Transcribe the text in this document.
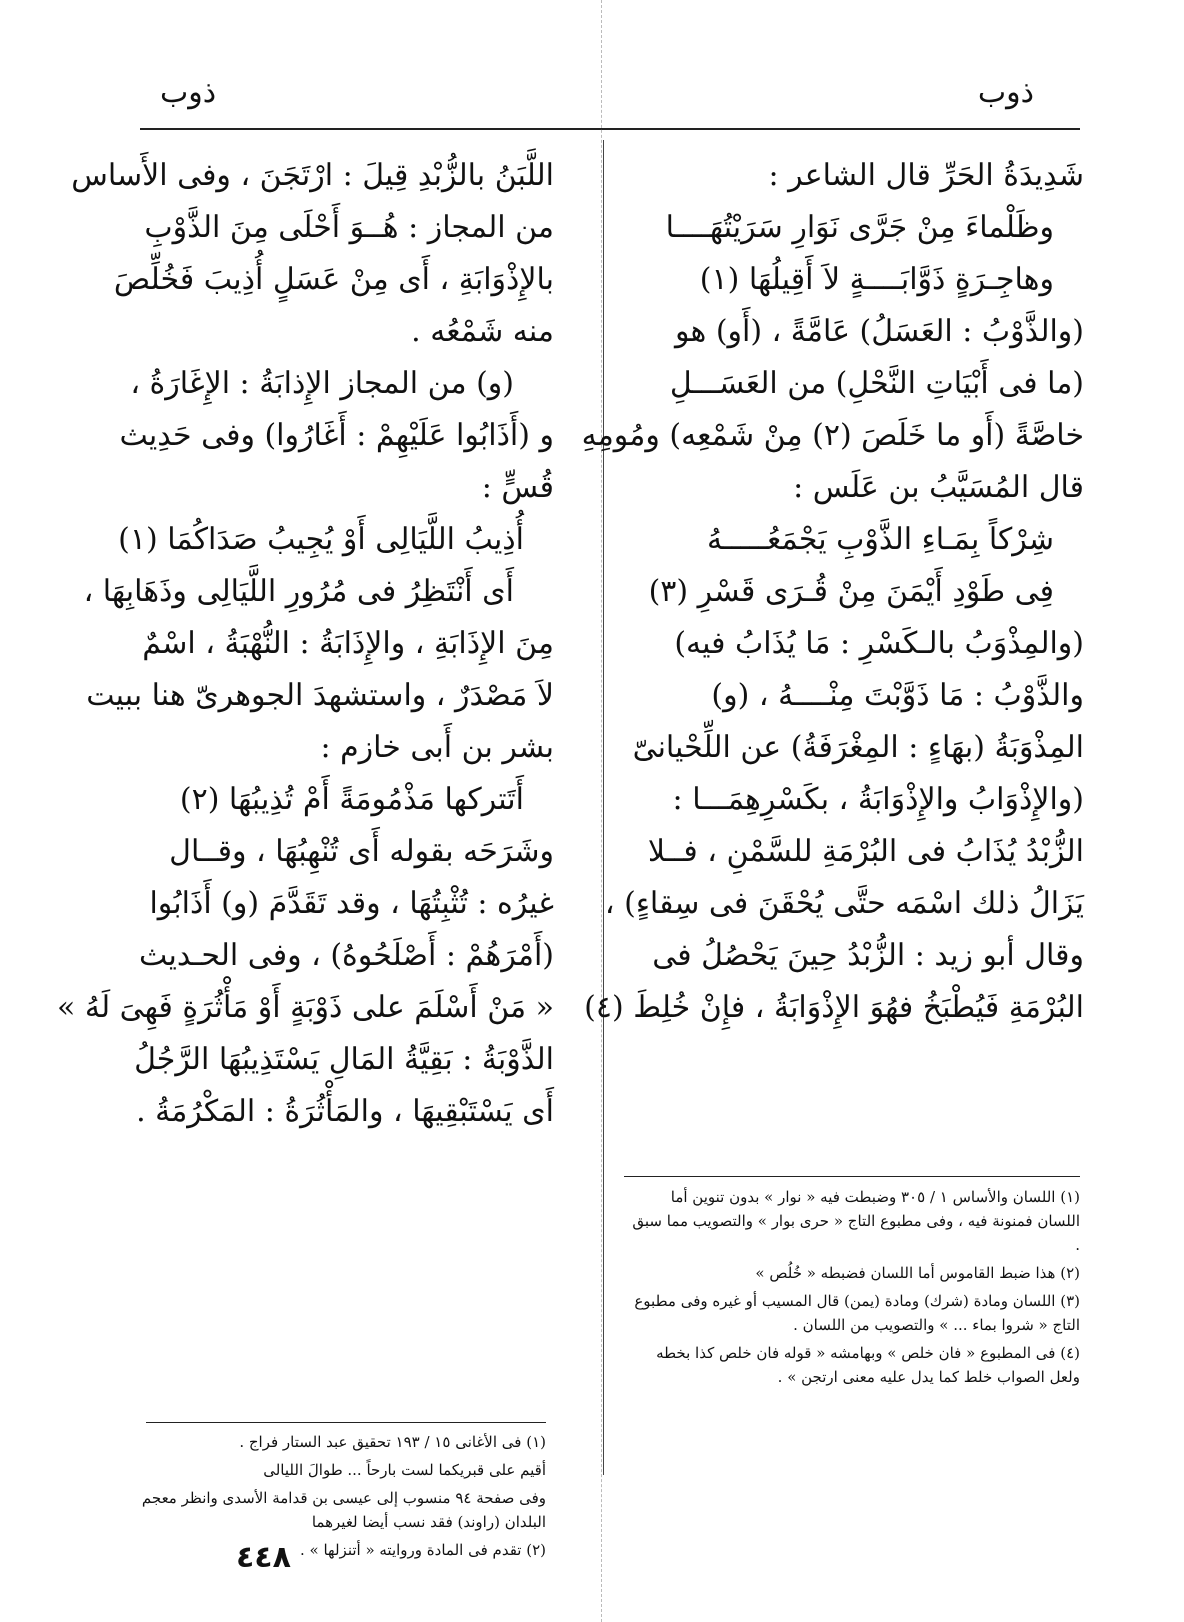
ذوب
ذوب
شَدِيدَةُ الحَرِّ قال الشاعر :
وظَلْماءَ مِنْ جَرَّى نَوَارِ سَرَيْتُهَــــا
وهاجِـرَةٍ ذَوَّابَــــةٍ لاَ أَقِيلُهَا (١)
(والذَّوْبُ : العَسَلُ) عَامَّةً ، (أَو) هو
(ما فى أَبْيَاتِ النَّحْلِ) من العَسَـــلِ
خاصَّةً (أَو ما خَلَصَ (٢) مِنْ شَمْعِه) ومُومِهِ
قال المُسَيَّبُ بن عَلَس :
شِرْكاً بِمَـاءِ الذَّوْبِ يَجْمَعُـــــهُ
فِى طَوْدِ أَيْمَنَ مِنْ قُـرَى قَسْرِ (٣)
(والمِذْوَبُ بالـكَسْرِ : مَا يُذَابُ فيه)
والذَّوْبُ : مَا ذَوَّبْتَ مِنْــــهُ ، (و)
المِذْوَبَةُ (بهَاءٍ : المِغْرَفَةُ) عن اللِّحْيانىّ
(والإِذْوَابُ والإِذْوَابَةُ ، بكَسْرِهِمَـــا :
الزُّبْدُ يُذَابُ فى البُرْمَةِ للسَّمْنِ ، فــلا
يَزَالُ ذلك اسْمَه حتَّى يُحْقَنَ فى سِقاءٍ) ،
وقال أبو زيد : الزُّبْدُ حِينَ يَحْصُلُ فى
البُرْمَةِ فَيُطْبَخُ فهُوَ الإِذْوَابَةُ ، فإِنْ خُلِطَ (٤)
اللَّبَنُ بالزُّبْدِ قِيلَ : ارْتَجَنَ ، وفى الأَساس
من المجاز : هُــوَ أَحْلَى مِنَ الذَّوْبِ
بالإِذْوَابَةِ ، أَى مِنْ عَسَلٍ أُذِيبَ فَخُلِّصَ
منه شَمْعُه .
(و) من المجاز الإِذابَةُ : الإِغَارَةُ ،
و (أَذَابُوا عَلَيْهِمْ : أَغَارُوا) وفى حَدِيث
قُسٍّ :
أُذِيبُ اللَّيَالِى أَوْ يُجِيبُ صَدَاكُمَا (١)
أَى أَنْتَظِرُ فى مُرُورِ اللَّيَالِى وذَهَابِهَا ،
مِنَ الإِذَابَةِ ، والإِذَابَةُ : النُّهْبَةُ ، اسْمٌ
لاَ مَصْدَرٌ ، واستشهدَ الجوهرىّ هنا ببيت
بشر بن أَبى خازم :
أَتَتركها مَذْمُومَةً أَمْ تُذِيبُهَا (٢)
وشَرَحَه بقوله أَى تُنْهِبُهَا ، وقــال
غيرُه : تُثْبِتُهَا ، وقد تَقَدَّمَ (و) أَذَابُوا
(أَمْرَهُمْ : أَصْلَحُوهُ) ، وفى الحـديث
« مَنْ أَسْلَمَ على ذَوْبَةٍ أَوْ مَأْثُرَةٍ فَهِىَ لَهُ »
الذَّوْبَةُ : بَقِيَّةُ المَالِ يَسْتَذِيبُهَا الرَّجُلُ
أَى يَسْتَبْقِيهَا ، والمَأْثُرَةُ : المَكْرُمَةُ .
(١) اللسان والأساس ١ / ٣٠٥ وضبطت فيه « نوار » بدون تنوين أما اللسان فمنونة فيه ، وفى مطبوع التاج « حرى بوار » والتصويب مما سبق .
(٢) هذا ضبط القاموس أما اللسان فضبطه « خُلُص »
(٣) اللسان ومادة (شرك) ومادة (يمن) قال المسيب أو غيره وفى مطبوع التاج « شروا بماء ... » والتصويب من اللسان .
(٤) فى المطبوع « فان خلص » وبهامشه « قوله فان خلص كذا بخطه ولعل الصواب خلط كما يدل عليه معنى ارتجن » .
(١) فى الأغانى ١٥ / ١٩٣ تحقيق عبد الستار فراج .
أقيم على قبريكما لست بارحاً ... طوالَ الليالى
وفى صفحة ٩٤ منسوب إلى عيسى بن قدامة الأسدى وانظر معجم البلدان (راوند) فقد نسب أيضا لغيرهما
(٢) تقدم فى المادة وروايته « أتنزلها » .
٤٤٨
